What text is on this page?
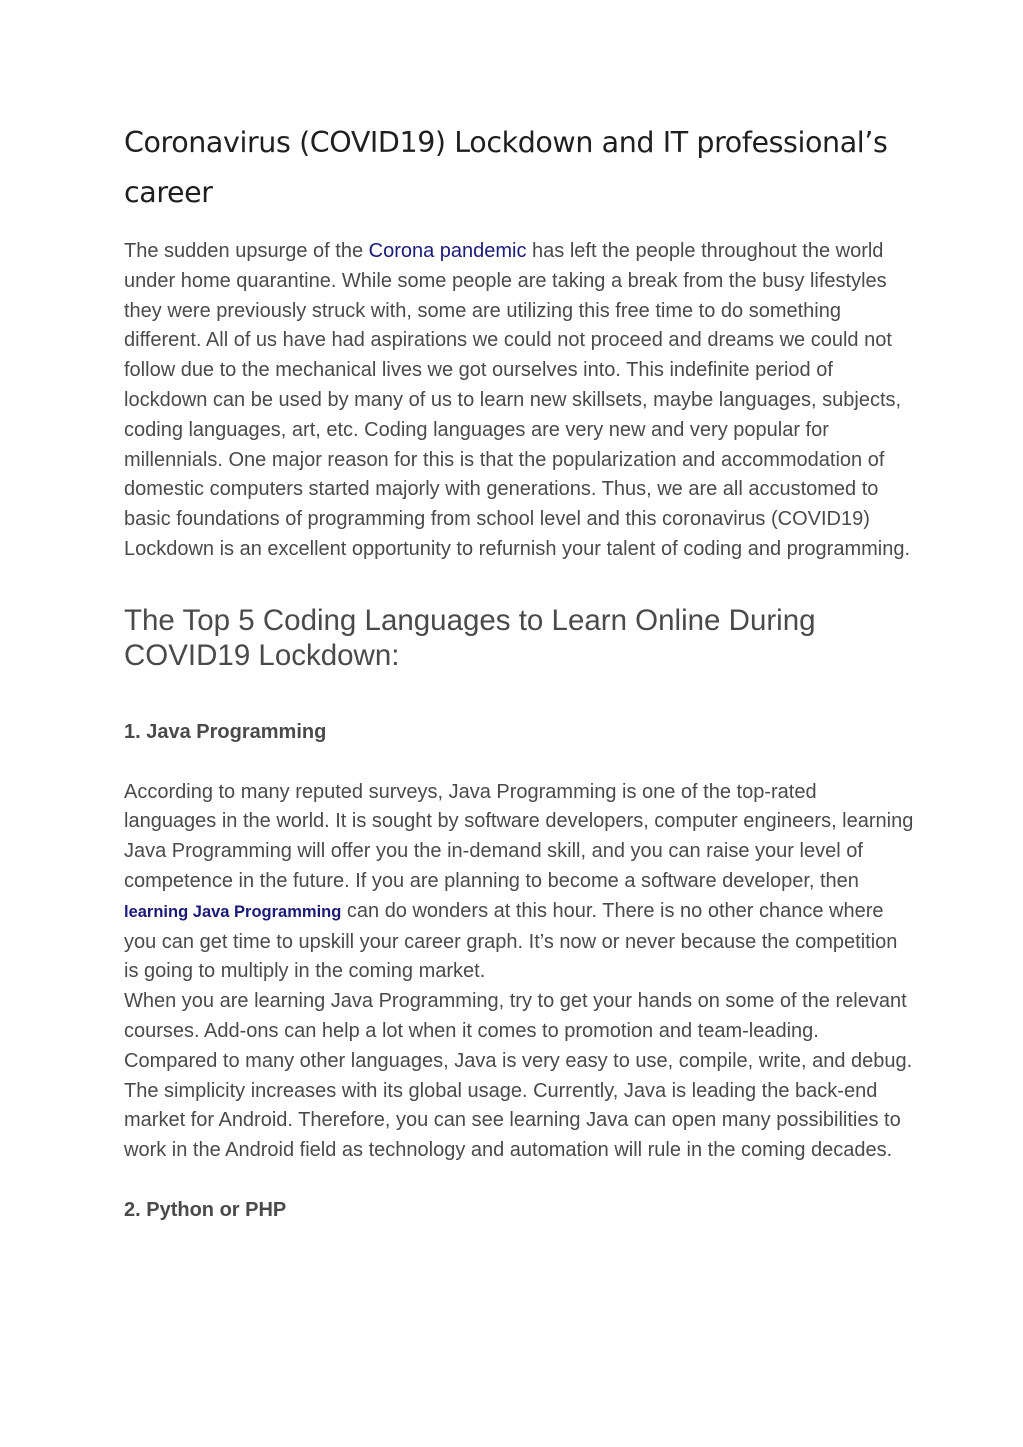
Coronavirus (COVID19) Lockdown and IT professional’s career

The sudden upsurge of the Corona pandemic has left the people throughout the world under home quarantine. While some people are taking a break from the busy lifestyles they were previously struck with, some are utilizing this free time to do something different. All of us have had aspirations we could not proceed and dreams we could not follow due to the mechanical lives we got ourselves into. This indefinite period of lockdown can be used by many of us to learn new skillsets, maybe languages, subjects, coding languages, art, etc. Coding languages are very new and very popular for millennials. One major reason for this is that the popularization and accommodation of domestic computers started majorly with generations. Thus, we are all accustomed to basic foundations of programming from school level and this coronavirus (COVID19) Lockdown is an excellent opportunity to refurnish your talent of coding and programming.

The Top 5 Coding Languages to Learn Online During COVID19 Lockdown:
1. Java Programming

According to many reputed surveys, Java Programming is one of the top-rated languages in the world. It is sought by software developers, computer engineers, learning Java Programming will offer you the in-demand skill, and you can raise your level of competence in the future. If you are planning to become a software developer, then learning Java Programming can do wonders at this hour. There is no other chance where you can get time to upskill your career graph. It’s now or never because the competition is going to multiply in the coming market.

When you are learning Java Programming, try to get your hands on some of the relevant courses. Add-ons can help a lot when it comes to promotion and team-leading. Compared to many other languages, Java is very easy to use, compile, write, and debug. The simplicity increases with its global usage. Currently, Java is leading the back-end market for Android. Therefore, you can see learning Java can open many possibilities to work in the Android field as technology and automation will rule in the coming decades.

2. Python or PHP
